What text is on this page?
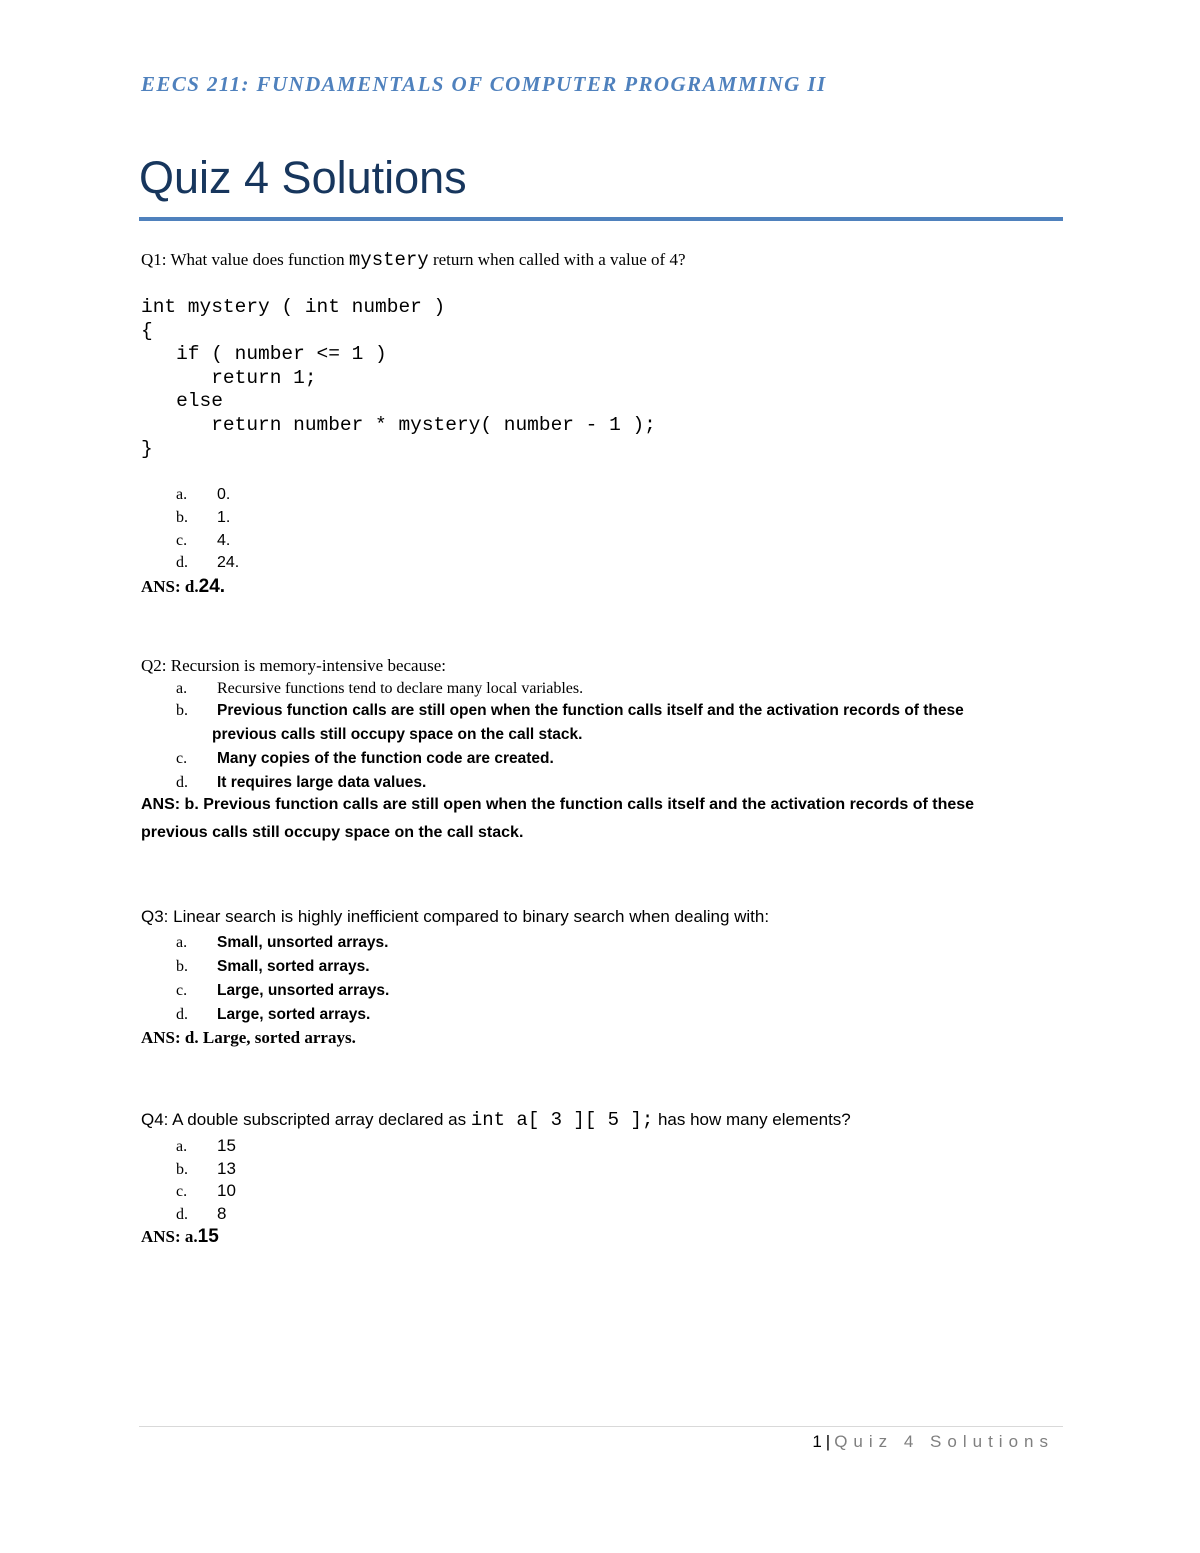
EECS 211: FUNDAMENTALS OF COMPUTER PROGRAMMING II
Quiz 4 Solutions
Q1: What value does function mystery return when called with a value of 4?
int mystery ( int number )
{
if ( number <= 1 )
return 1;
else
return number * mystery( number - 1 );
}
a. 0.
b. 1.
c. 4.
d. 24.
ANS: d.24.
Q2: Recursion is memory-intensive because:
a. Recursive functions tend to declare many local variables.
b. Previous function calls are still open when the function calls itself and the activation records of these
previous calls still occupy space on the call stack.
c. Many copies of the function code are created.
d. It requires large data values.
ANS: b. Previous function calls are still open when the function calls itself and the activation records of these
previous calls still occupy space on the call stack.
Q3: Linear search is highly inefficient compared to binary search when dealing with:
a. Small, unsorted arrays.
b. Small, sorted arrays.
c. Large, unsorted arrays.
d. Large, sorted arrays.
ANS: d. Large, sorted arrays.
Q4: A double subscripted array declared as int a[ 3 ][ 5 ]; has how many elements?
a. 15
b. 13
c. 10
d. 8
ANS: a.15
1 | Quiz 4 Solutions
